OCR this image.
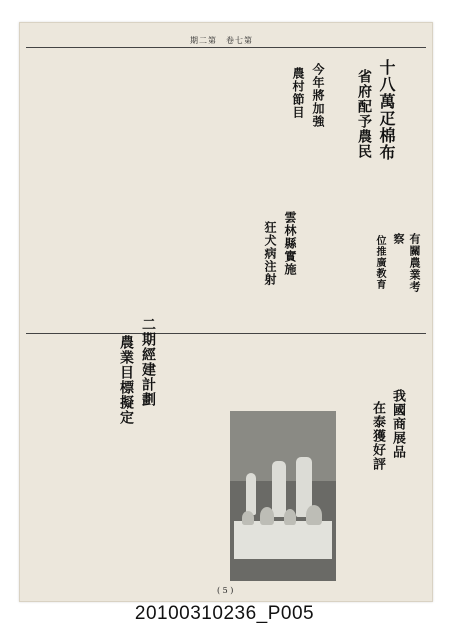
期二第　卷七第
十八萬疋棉布
省府配予農民
今年將加強
農村節目
雲林縣實施
狂犬病注射	有關農業考察
位推廣教育
二期經建計劃
農業目標擬定	我國商展品
在泰獲好評
( 5 )
20100310236_P005
